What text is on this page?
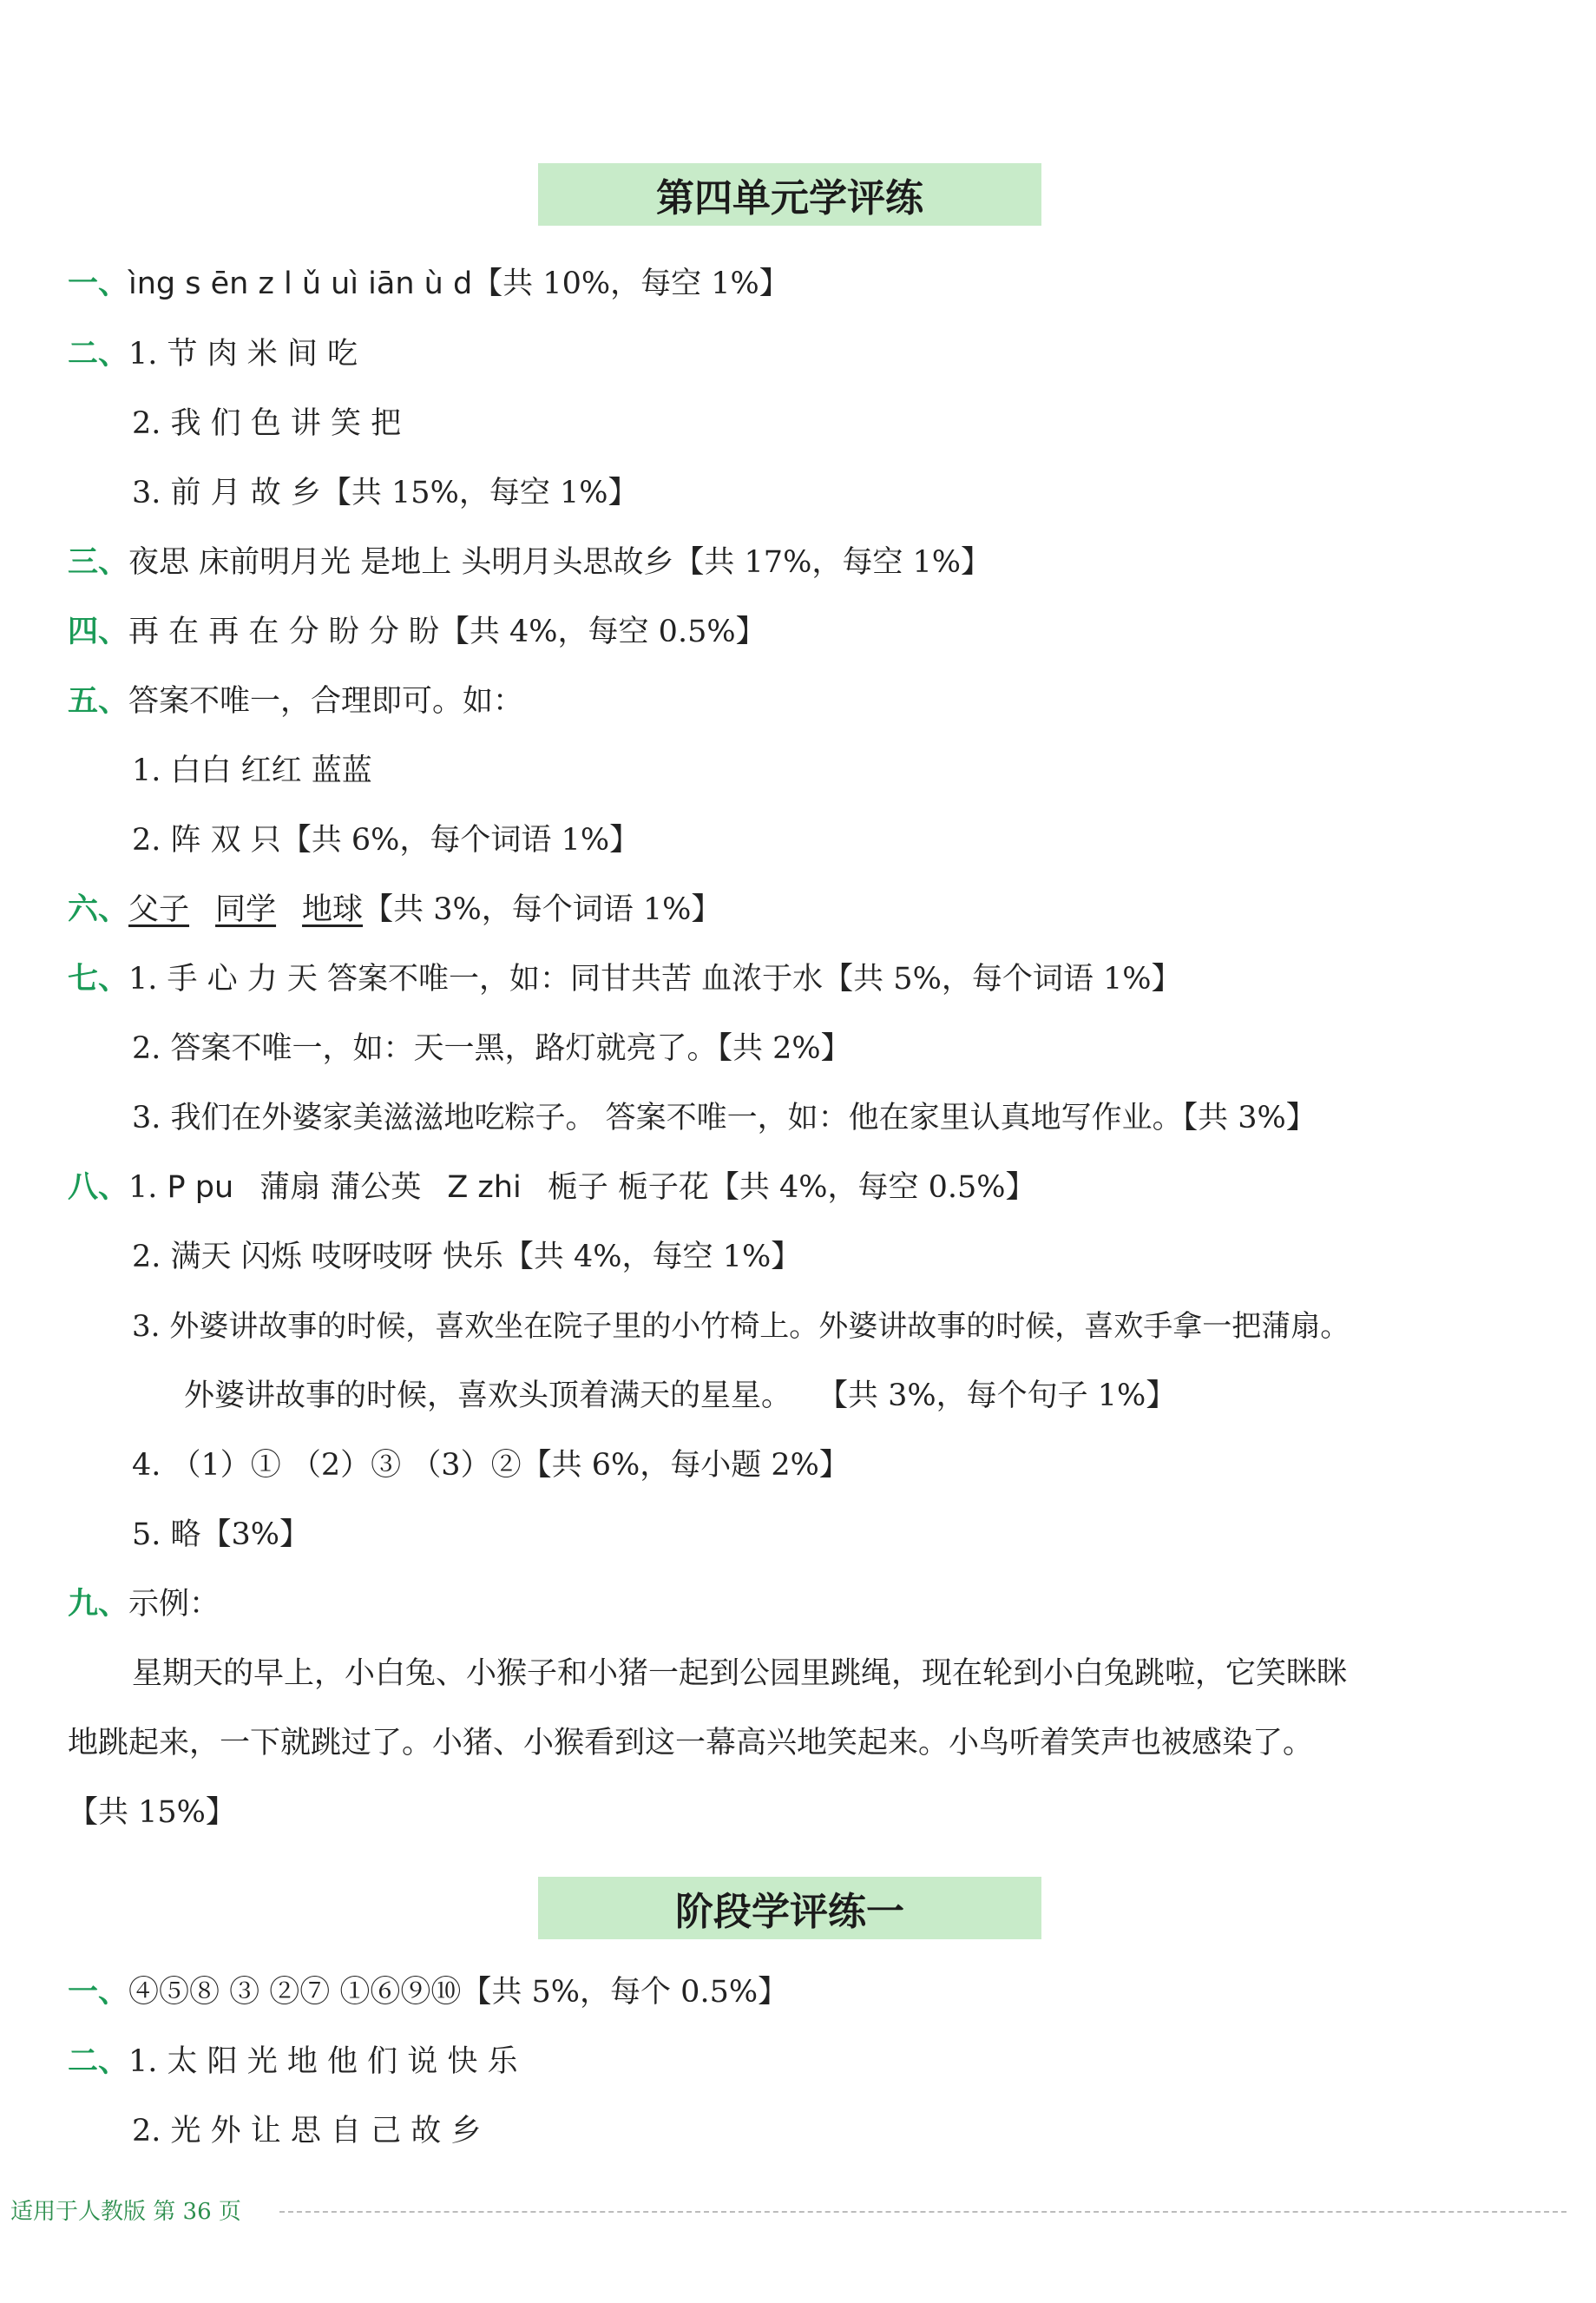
第四单元学评练
一、ìng s ēn z l ǔ uì iān ù d【共 10%，每空 1%】
二、1. 节 肉 米 间 吃
2. 我 们 色 讲 笑 把
3. 前 月 故 乡【共 15%，每空 1%】
三、夜思 床前明月光 是地上 头明月头思故乡【共 17%，每空 1%】
四、再 在 再 在 分 盼 分 盼【共 4%，每空 0.5%】
五、答案不唯一，合理即可。如：
1. 白白 红红 蓝蓝
2. 阵 双 只【共 6%，每个词语 1%】
六、父子 同学 地球【共 3%，每个词语 1%】
七、1. 手 心 力 天 答案不唯一，如：同甘共苦 血浓于水【共 5%，每个词语 1%】
2. 答案不唯一，如：天一黑，路灯就亮了。【共 2%】
3. 我们在外婆家美滋滋地吃粽子。 答案不唯一，如：他在家里认真地写作业。【共 3%】
八、1. P pu 蒲扇 蒲公英 Z zhi 栀子 栀子花【共 4%，每空 0.5%】
2. 满天 闪烁 吱呀吱呀 快乐【共 4%，每空 1%】
3. 外婆讲故事的时候，喜欢坐在院子里的小竹椅上。外婆讲故事的时候，喜欢手拿一把蒲扇。
外婆讲故事的时候，喜欢头顶着满天的星星。 【共 3%，每个句子 1%】
4. （1）① （2）③ （3）②【共 6%，每小题 2%】
5. 略【3%】
九、示例：
星期天的早上，小白兔、小猴子和小猪一起到公园里跳绳，现在轮到小白兔跳啦，它笑眯眯
地跳起来，一下就跳过了。小猪、小猴看到这一幕高兴地笑起来。小鸟听着笑声也被感染了。
【共 15%】
阶段学评练一
一、④⑤⑧ ③ ②⑦ ①⑥⑨⑩【共 5%，每个 0.5%】
二、1. 太 阳 光 地 他 们 说 快 乐
2. 光 外 让 思 自 己 故 乡
适用于人教版 第 36 页
